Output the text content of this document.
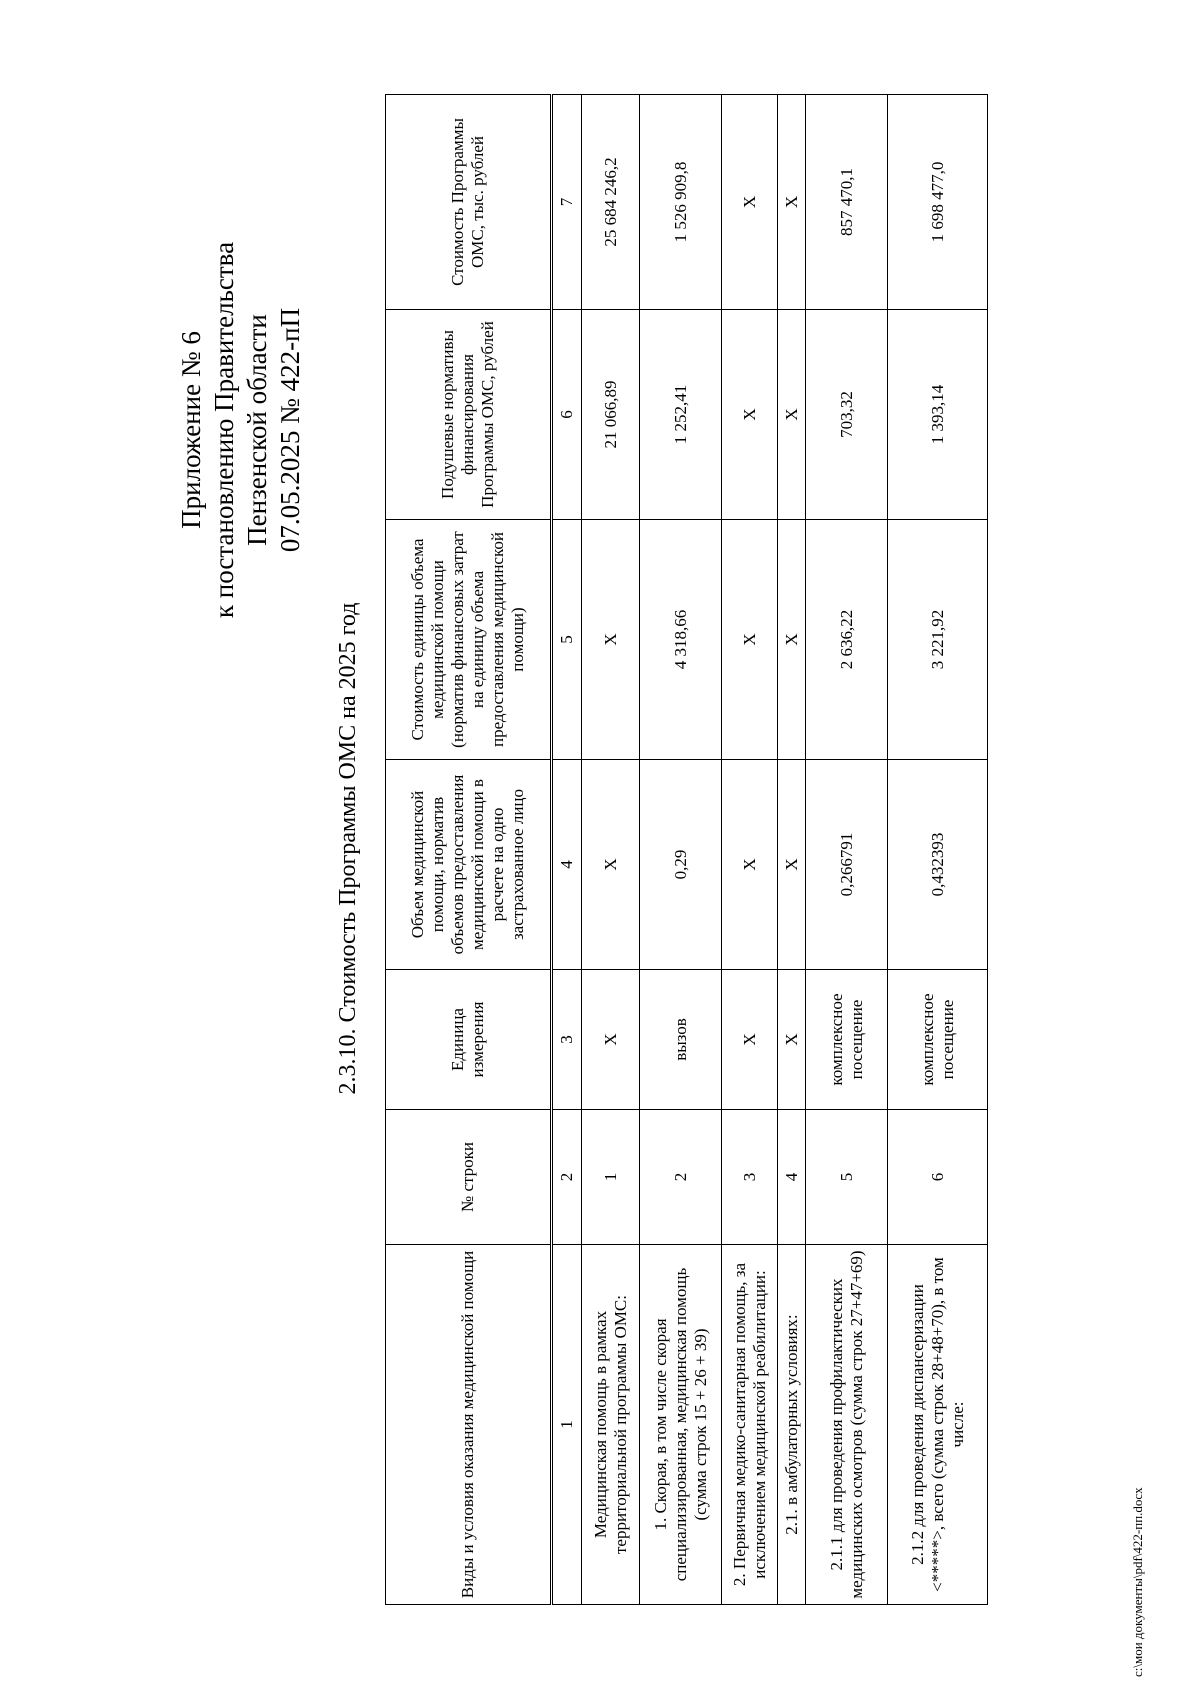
Приложение № 6 к постановлению Правительства Пензенской области 07.05.2025 № 422-пП
2.3.10. Стоимость Программы ОМС на 2025 год
Виды и условия оказания медицинской помощи	№ строки	Единица измерения	Объем медицинской помощи, норматив объемов предоставления медицинской помощи в расчете на одно застрахованное лицо	Стоимость единицы объема медицинской помощи (норматив финансовых затрат на единицу объема предоставления медицинской помощи)	Подушевые нормативы финансирования Программы ОМС, рублей	Стоимость Программы ОМС, тыс. рублей
1	2	3	4	5	6	7
Медицинская помощь в рамках территориальной программы ОМС:	1	Х	Х	Х	21 066,89	25 684 246,2
1. Скорая, в том числе скорая специализированная, медицинская помощь (сумма строк 15 + 26 + 39)	2	вызов	0,29	4 318,66	1 252,41	1 526 909,8
2. Первичная медико-санитарная помощь, за исключением медицинской реабилитации:	3	Х	Х	Х	Х	Х
2.1. в амбулаторных условиях:	4	Х	Х	Х	Х	Х
2.1.1 для проведения профилактических медицинских осмотров (сумма строк 27+47+69)	5	комплексное посещение	0,266791	2 636,22	703,32	857 470,1
2.1.2 для проведения диспансеризации <*****>, всего (сумма строк 28+48+70), в том числе:	6	комплексное посещение	0,432393	3 221,92	1 393,14	1 698 477,0
c:\мои документы\pdf\422-пп.docx
